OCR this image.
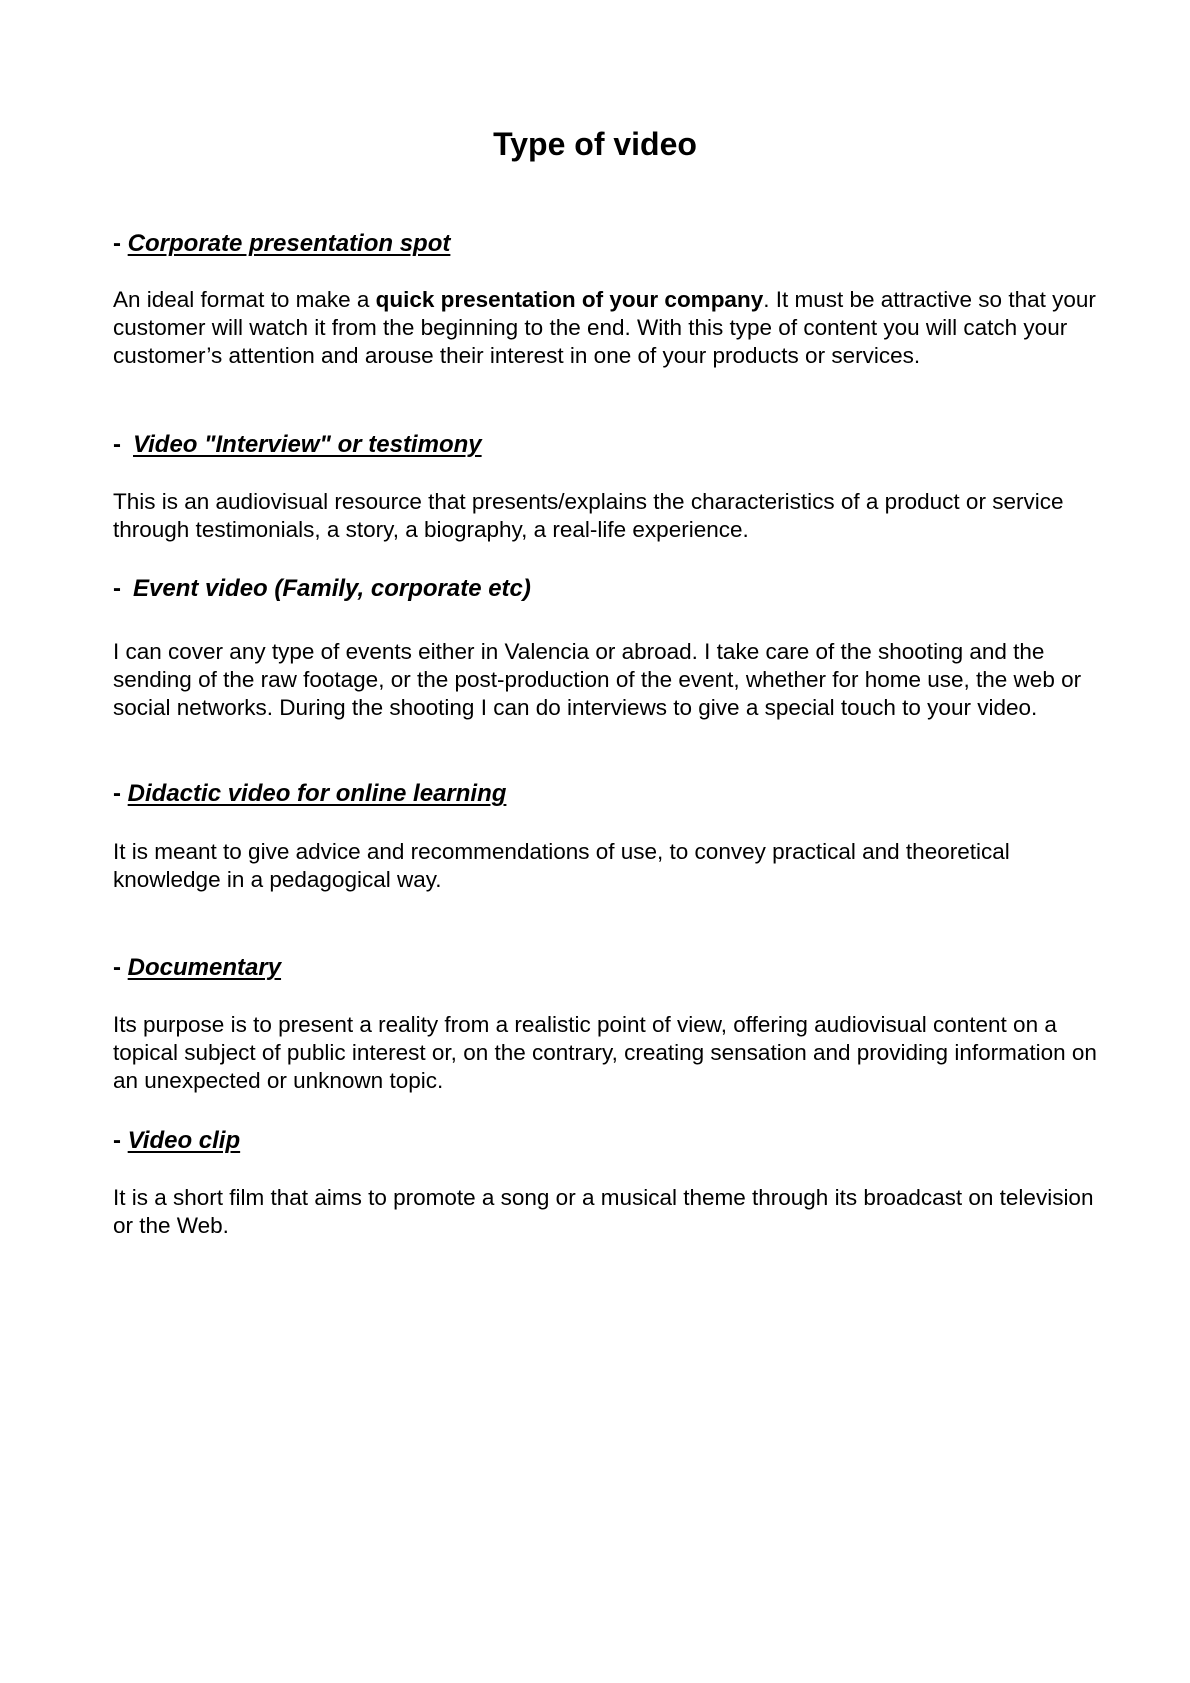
Type of video
- Corporate presentation spot

An ideal format to make a quick presentation of your company. It must be attractive so that your customer will watch it from the beginning to the end. With this type of content you will catch your customer’s attention and arouse their interest in one of your products or services.

- Video "Interview" or testimony

This is an audiovisual resource that presents/explains the characteristics of a product or service through testimonials, a story, a biography, a real-life experience.

- Event video (Family, corporate etc)

I can cover any type of events either in Valencia or abroad. I take care of the shooting and the sending of the raw footage, or the post-production of the event, whether for home use, the web or social networks. During the shooting I can do interviews to give a special touch to your video.

- Didactic video for online learning

It is meant to give advice and recommendations of use, to convey practical and theoretical knowledge in a pedagogical way.

- Documentary

Its purpose is to present a reality from a realistic point of view, offering audiovisual content on a topical subject of public interest or, on the contrary, creating sensation and providing information on an unexpected or unknown topic.

- Video clip

It is a short film that aims to promote a song or a musical theme through its broadcast on television or the Web.
